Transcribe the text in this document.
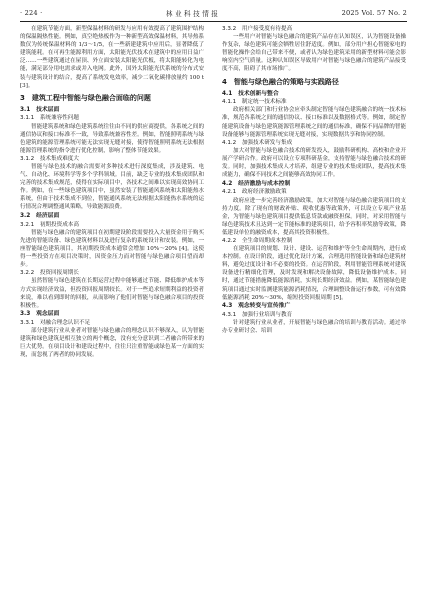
· 224 ·	林 业 科 技 情 报	2025 Vol. 57 No. 2

在建筑节能方面，新型保温材料的研发与应用有效提高了建筑围护结构的保温隔热性能。例如，真空绝热板作为一种新型高效保温材料，其导热系数仅为传统保温材料的 1/3～1/5，在一些新建建筑中应用后，显著降低了建筑能耗。在可再生能源利用方面，太阳能光伏技术在建筑中的应用日益广泛……一些建筑通过在屋顶、外立面安装太阳能光伏板，将太阳能转化为电能，满足部分用电需求或并入电网。此外，国外太阳能光伏系统的分布式安装与建筑设计的结合，提高了系统发电效率，减少二氧化碳排放量约 100 t [3]。

3　建筑工程中智能与绿色融合面临的问题
3.1　技术层面
3.1.1　系统兼容性问题

智能建筑系统和绿色建筑系统往往由不同的供应商提供，各系统之间的通信协议和接口标准不一致，导致系统兼容性差。例如，智能照明系统与绿色建筑的能源管理系统可能无法实现无缝对接，使得智能照明系统无法根据能源管理系统的指令进行优化控制，影响了整体节能效果。

3.1.2　技术集成难度大

智能与绿色技术的融合需要对多种技术进行深度集成，涉及建筑、电气、自动化、环境科学等多个学科领域。目前，缺乏专业的技术集成团队和完善的技术集成规范，使得在实际项目中，各技术之间难以实现高效协同工作。例如，在一些绿色建筑项目中，虽然安装了智能通风系统和太阳能热水系统，但由于技术集成不到位，智能通风系统无法根据太阳能热水系统的运行情况合理调整通风策略，导致能源浪费。

3.2　经济层面
3.2.1　初期投资成本高

智能与绿色融合的建筑项目在初期建设阶段需要投入大量资金用于购买先进的智能设备、绿色建筑材料以及进行复杂的系统设计和安装。例如，一座智能绿色建筑项目，其初期投资成本通常会增加 10%～20% [4]。这使得一些投资方在项目决策时，因资金压力而对智能与绿色融合项目望而却步。

3.2.2　投资回报周期长

虽然智能与绿色建筑在长期运营过程中能够通过节能、降低维护成本等方式实现经济效益，但投资回报周期较长。对于一些追求短期利益的投资者来说，难以看到即时的回报，从而影响了他们对智能与绿色融合项目的投资积极性。

3.3　观念层面
3.3.1　对融合理念认识不足

部分建筑行业从业者对智能与绿色融合的理念认识不够深入，认为智能建筑和绿色建筑是相互独立的两个概念，没有充分意识到二者融合所带来的巨大优势。在项目设计和建设过程中，往往只注重智能或绿色某一方面的实现，而忽视了两者的协同发展。

3.3.2　用户接受度有待提高

一些用户对智能与绿色融合的建筑产品存在认知误区，认为智能设备操作复杂，绿色建筑可能会牺牲居住舒适度。例如，部分用户担心智能家电的智能化操作会给自己带来不便，或者认为绿色建筑采用的新型材料可能会影响室内空气质量。这种认知误区导致用户对智能与绿色融合的建筑产品接受度不高，阻碍了其市场推广。

4　智能与绿色融合的策略与实践路径
4.1　技术创新与整合
4.1.1　制定统一技术标准

政府相关部门和行业协会应牵头制定智能与绿色建筑融合的统一技术标准，规范各系统之间的通信协议、接口标准以及数据格式等。例如，制定智能建筑设备与绿色建筑能源管理系统之间的通信标准，确保不同品牌的智能设备能够与能源管理系统实现无缝对接，实现数据共享和协同控制。

4.1.2　加强技术研发与集成

加大对智能与绿色融合技术的研发投入，鼓励科研机构、高校和企业开展产学研合作。政府可以设立专项科研基金，支持智能与绿色融合技术的研发。同时，加强技术集成人才培养，组建专业的技术集成团队，提高技术集成能力，确保不同技术之间能够高效协同工作。

4.2　经济激励与成本控制
4.2.1　政府经济激励政策

政府应进一步完善经济激励政策，加大对智能与绿色融合建筑项目的支持力度。除了现有的财政补贴、税收优惠等政策外，可以设立专项产业基金，为智能与绿色建筑项目提供低息贷款或融资担保。同时，对采用智能与绿色建筑技术且达到一定节能标准的建筑项目，给予容积率奖励等政策，降低建设单位的融资成本，提高其投资积极性。

4.2.2　全生命周期成本控制

在建筑项目的规划、设计、建设、运营和维护等全生命周期内，进行成本控制。在设计阶段，通过优化设计方案，合理选用智能设备和绿色建筑材料，避免过度设计和不必要的投资。在运营阶段，利用智能管理系统对建筑设备进行精细化管理，及时发现和解决设备故障，降低设备维护成本。同时，通过节能措施降低能源消耗，实现长期经济效益。例如，某智能绿色建筑项目通过实时监测建筑能源消耗情况，合理调整设备运行参数，可有效降低能源消耗 20%～30%，缩短投资回报周期 [5]。

4.3　观念转变与宣传推广
4.3.1　加强行业培训与教育

针对建筑行业从业者，开展智能与绿色融合的培训与教育活动。通过举办专业研讨会、培训
